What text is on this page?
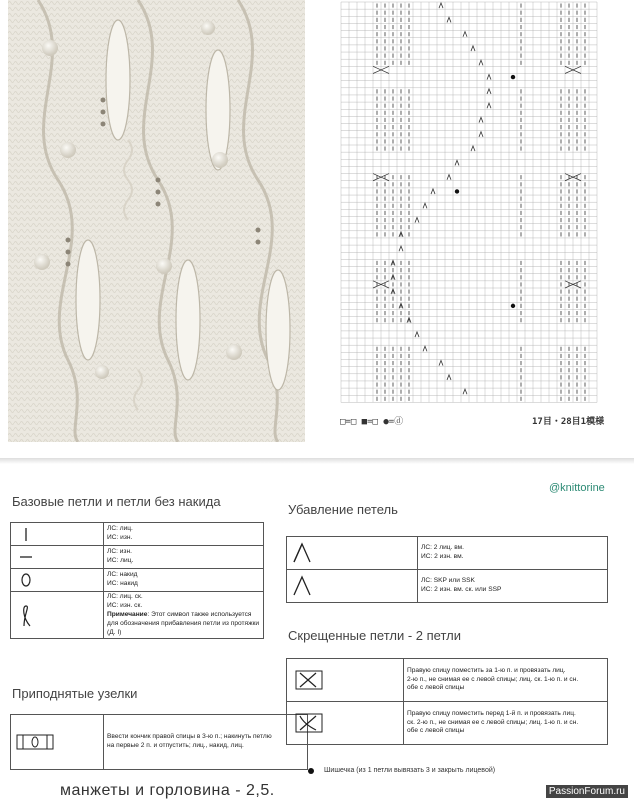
□=□ ■=□ ●=ⓓ	17目・28目1模様
@knittorine
Базовые петли и петли без накида

ЛС: лиц.
ИС: изн.

ЛС: изн.
ИС: лиц.

ЛС: накид
ИС: накид

ЛС: лиц. ск.
ИС: изн. ск.
Примечание: Этот символ также используется
для обозначения прибавления петли из протяжки (Д. I)
Приподнятые узелки

Ввести кончик правой спицы в 3-ю п.; накинуть петлю
на первые 2 п. и отпустить; лиц., накид, лиц.
Убавление петель

ЛС: 2 лиц. вм.
ИС: 2 изн. вм.

ЛС: SKP или SSK
ИС: 2 изн. вм. ск. или SSP
Скрещенные петли - 2 петли

Правую спицу поместить за 1-ю п. и провязать лиц.
2-ю п., не снимая ее с левой спицы; лиц. ск. 1-ю п. и сн.
обе с левой спицы

Правую спицу поместить перед 1-й п. и провязать лиц.
ск. 2-ю п., не снимая ее с левой спицы; лиц. 1-ю п. и сн.
обе с левой спицы
Шишечка (из 1 петли вывязать 3 и закрыть лицевой)
манжеты и горловина - 2,5.	PassionForum.ru
